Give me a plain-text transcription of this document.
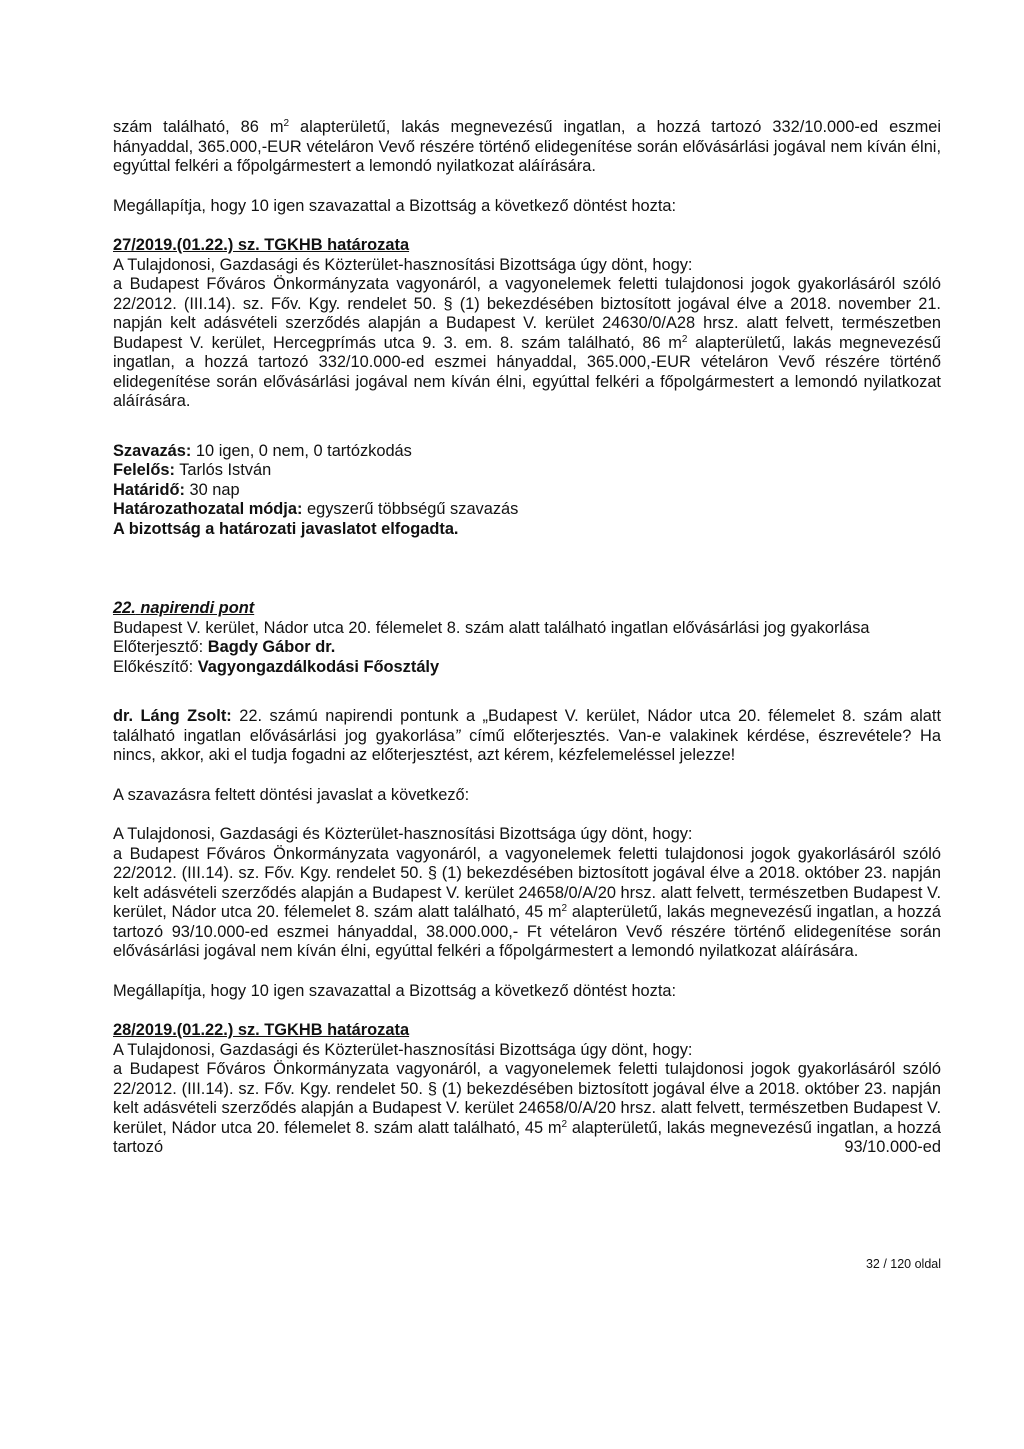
szám található, 86 $m^2$ alapterületű, lakás megnevezésű ingatlan, a hozzá tartozó 332/10.000-ed eszmei hányaddal, 365.000,-EUR vételáron Vevő részére történő elidegenítése során elővásárlási jogával nem kíván élni, egyúttal felkéri a főpolgármestert a lemondó nyilatkozat aláírására.

Megállapítja, hogy 10 igen szavazattal a Bizottság a következő döntést hozta:

27/2019.(01.22.) sz. TGKHB határozata

A Tulajdonosi, Gazdasági és Közterület-hasznosítási Bizottsága úgy dönt, hogy:

a Budapest Főváros Önkormányzata vagyonáról, a vagyonelemek feletti tulajdonosi jogok gyakorlásáról szóló 22/2012. (III.14). sz. Főv. Kgy. rendelet 50. § (1) bekezdésében biztosított jogával élve a 2018. november 21. napján kelt adásvételi szerződés alapján a Budapest V. kerület 24630/0/A28 hrsz. alatt felvett, természetben Budapest V. kerület, Hercegprímás utca 9. 3. em. 8. szám található, 86 $m^2$ alapterületű, lakás megnevezésű ingatlan, a hozzá tartozó 332/10.000-ed eszmei hányaddal, 365.000,-EUR vételáron Vevő részére történő elidegenítése során elővásárlási jogával nem kíván élni, egyúttal felkéri a főpolgármestert a lemondó nyilatkozat aláírására.

Szavazás: 10 igen, 0 nem, 0 tartózkodás

Felelős: Tarlós István

Határidő: 30 nap

Határozathozatal módja: egyszerű többségű szavazás

A bizottság a határozati javaslatot elfogadta.

22. napirendi pont

Budapest V. kerület, Nádor utca 20. félemelet 8. szám alatt található ingatlan elővásárlási jog gyakorlása

Előterjesztő: Bagdy Gábor dr.

Előkészítő: Vagyongazdálkodási Főosztály

dr. Láng Zsolt: 22. számú napirendi pontunk a „Budapest V. kerület, Nádor utca 20. félemelet 8. szám alatt található ingatlan elővásárlási jog gyakorlása” című előterjesztés. Van-e valakinek kérdése, észrevétele? Ha nincs, akkor, aki el tudja fogadni az előterjesztést, azt kérem, kézfelemeléssel jelezze!

A szavazásra feltett döntési javaslat a következő:

A Tulajdonosi, Gazdasági és Közterület-hasznosítási Bizottsága úgy dönt, hogy:

a Budapest Főváros Önkormányzata vagyonáról, a vagyonelemek feletti tulajdonosi jogok gyakorlásáról szóló 22/2012. (III.14). sz. Főv. Kgy. rendelet 50. § (1) bekezdésében biztosított jogával élve a 2018. október 23. napján kelt adásvételi szerződés alapján a Budapest V. kerület 24658/0/A/20 hrsz. alatt felvett, természetben Budapest V. kerület, Nádor utca 20. félemelet 8. szám alatt található, 45 $m^2$ alapterületű, lakás megnevezésű ingatlan, a hozzá tartozó 93/10.000-ed eszmei hányaddal, 38.000.000,- Ft vételáron Vevő részére történő elidegenítése során elővásárlási jogával nem kíván élni, egyúttal felkéri a főpolgármestert a lemondó nyilatkozat aláírására.

Megállapítja, hogy 10 igen szavazattal a Bizottság a következő döntést hozta:

28/2019.(01.22.) sz. TGKHB határozata

A Tulajdonosi, Gazdasági és Közterület-hasznosítási Bizottsága úgy dönt, hogy:

a Budapest Főváros Önkormányzata vagyonáról, a vagyonelemek feletti tulajdonosi jogok gyakorlásáról szóló 22/2012. (III.14). sz. Főv. Kgy. rendelet 50. § (1) bekezdésében biztosított jogával élve a 2018. október 23. napján kelt adásvételi szerződés alapján a Budapest V. kerület 24658/0/A/20 hrsz. alatt felvett, természetben Budapest V. kerület, Nádor utca 20. félemelet 8. szám alatt található, 45 $m^2$ alapterületű, lakás megnevezésű ingatlan, a hozzá tartozó 93/10.000-ed

32 / 120 oldal
